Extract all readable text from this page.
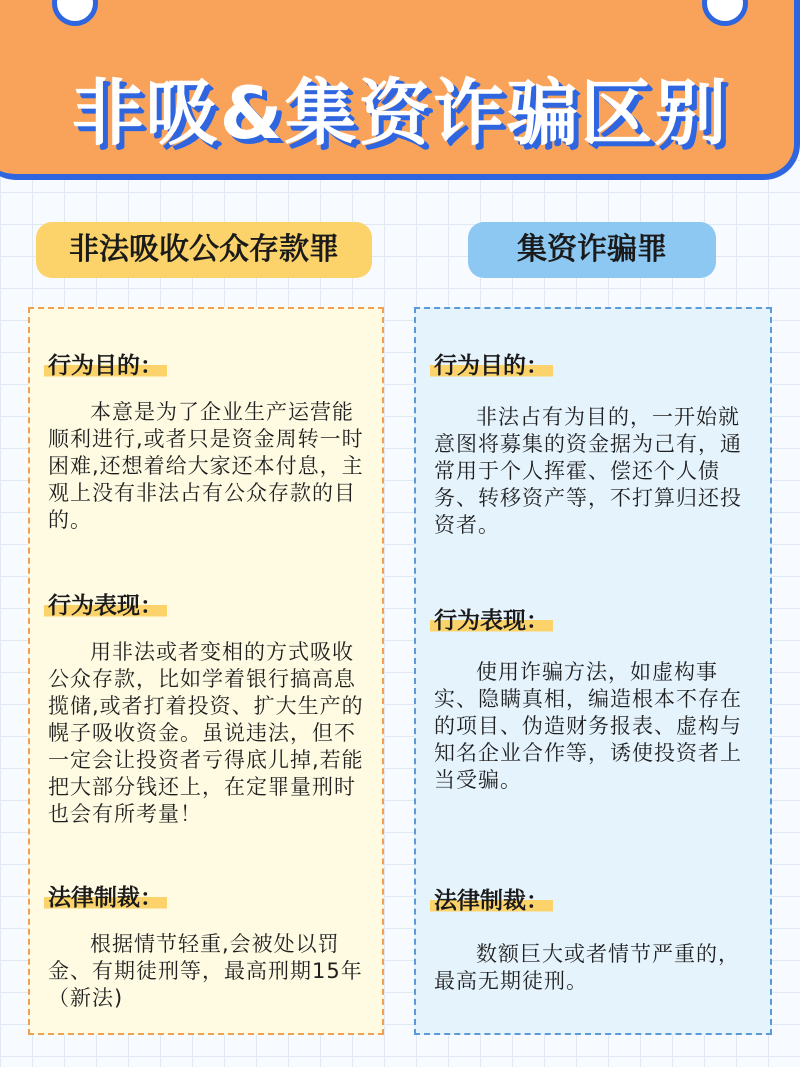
非吸&集资诈骗区别
非法吸收公众存款罪	集资诈骗罪
行为目的：

本意是为了企业生产运营能顺利进行,或者只是资金周转一时困难,还想着给大家还本付息，主观上没有非法占有公众存款的目的。

行为表现：

用非法或者变相的方式吸收公众存款，比如学着银行搞高息揽储,或者打着投资、扩大生产的幌子吸收资金。虽说违法，但不一定会让投资者亏得底儿掉,若能把大部分钱还上，在定罪量刑时也会有所考量！

法律制裁：

根据情节轻重,会被处以罚金、有期徒刑等，最高刑期15年（新法)

行为目的：

非法占有为目的，一开始就意图将募集的资金据为己有，通常用于个人挥霍、偿还个人债务、转移资产等，不打算归还投资者。

行为表现：

使用诈骗方法，如虚构事实、隐瞒真相，编造根本不存在的项目、伪造财务报表、虚构与知名企业合作等，诱使投资者上当受骗。

法律制裁：

数额巨大或者情节严重的，最高无期徒刑。
